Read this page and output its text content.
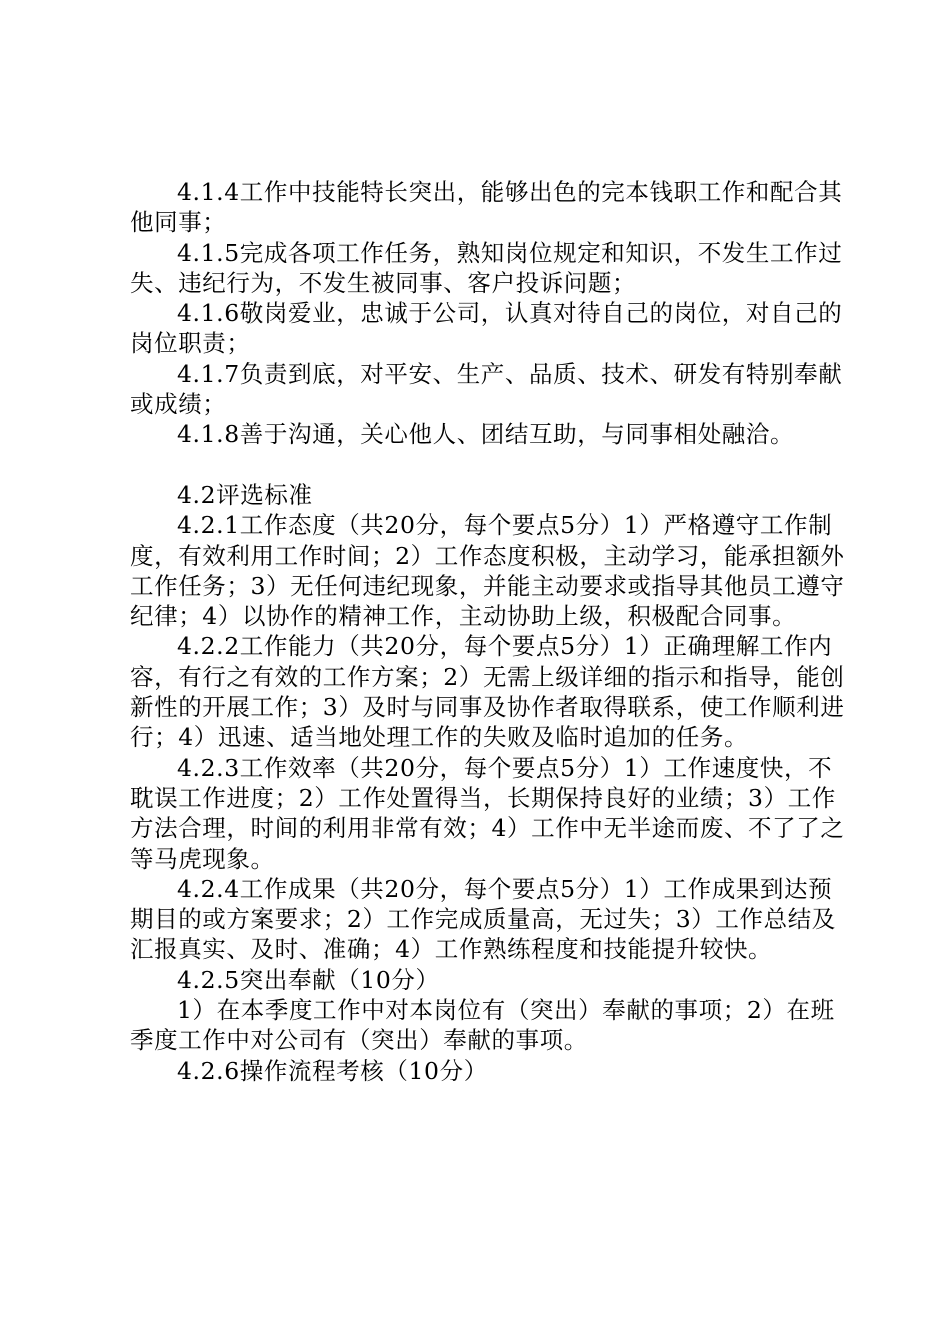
4.1.4工作中技能特长突出，能够出色的完本钱职工作和配合其他同事；

4.1.5完成各项工作任务，熟知岗位规定和知识，不发生工作过失、违纪行为，不发生被同事、客户投诉问题；

4.1.6敬岗爱业，忠诚于公司，认真对待自己的岗位，对自己的岗位职责；

4.1.7负责到底，对平安、生产、品质、技术、研发有特别奉献或成绩；

4.1.8善于沟通，关心他人、团结互助，与同事相处融洽。

4.2评选标准

4.2.1工作态度（共20分，每个要点5分）1）严格遵守工作制度，有效利用工作时间；2）工作态度积极，主动学习，能承担额外工作任务；3）无任何违纪现象，并能主动要求或指导其他员工遵守纪律；4）以协作的精神工作，主动协助上级，积极配合同事。

4.2.2工作能力（共20分，每个要点5分）1）正确理解工作内容，有行之有效的工作方案；2）无需上级详细的指示和指导，能创新性的开展工作；3）及时与同事及协作者取得联系，使工作顺利进行；4）迅速、适当地处理工作的失败及临时追加的任务。

4.2.3工作效率（共20分，每个要点5分）1）工作速度快，不耽误工作进度；2）工作处置得当，长期保持良好的业绩；3）工作方法合理，时间的利用非常有效；4）工作中无半途而废、不了了之等马虎现象。

4.2.4工作成果（共20分，每个要点5分）1）工作成果到达预期目的或方案要求；2）工作完成质量高，无过失；3）工作总结及汇报真实、及时、准确；4）工作熟练程度和技能提升较快。

4.2.5突出奉献（10分）

1）在本季度工作中对本岗位有（突出）奉献的事项；2）在班季度工作中对公司有（突出）奉献的事项。

4.2.6操作流程考核（10分）
